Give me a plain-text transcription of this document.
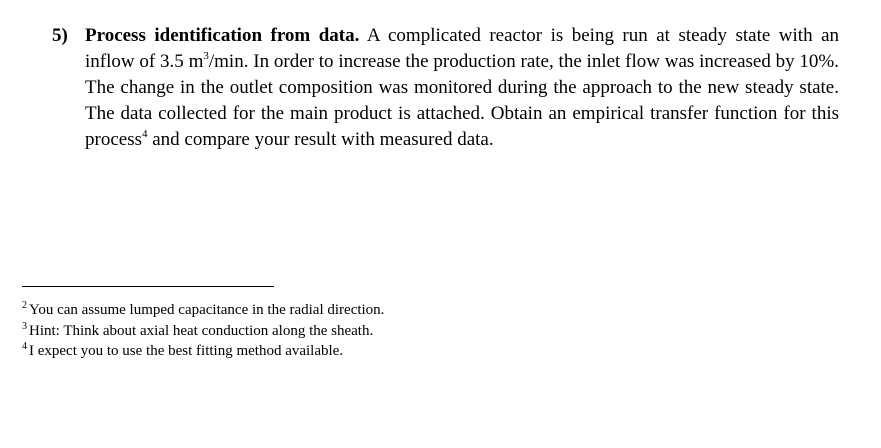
5) Process identification from data. A complicated reactor is being run at steady state with an inflow of 3.5 $m^3/\min$. In order to increase the production rate, the inlet flow was increased by 10%. The change in the outlet composition was monitored during the approach to the new steady state. The data collected for the main product is attached. Obtain an empirical transfer function for this process$^4$ and compare your result with measured data.
$^2$ You can assume lumped capacitance in the radial direction.
$^3$ Hint: Think about axial heat conduction along the sheath.
$^4$ I expect you to use the best fitting method available.
